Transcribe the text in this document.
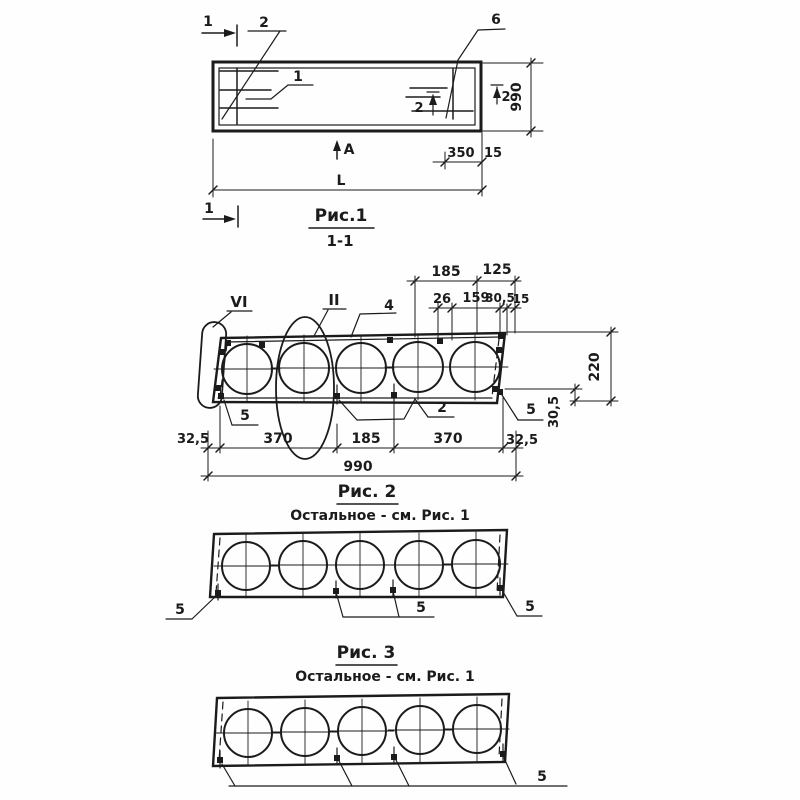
2	6
1
1
1
2
2
A
990
350 15
L
Рис.1
1-1
VI	II	4
185 125
26 159
30,5
15
220
30,5
5	5
2
32,5	370	185	370	32,5
990
Рис. 2
Остальное - см. Рис. 1
5	5	5
Рис. 3
Остальное - см. Рис. 1
5
